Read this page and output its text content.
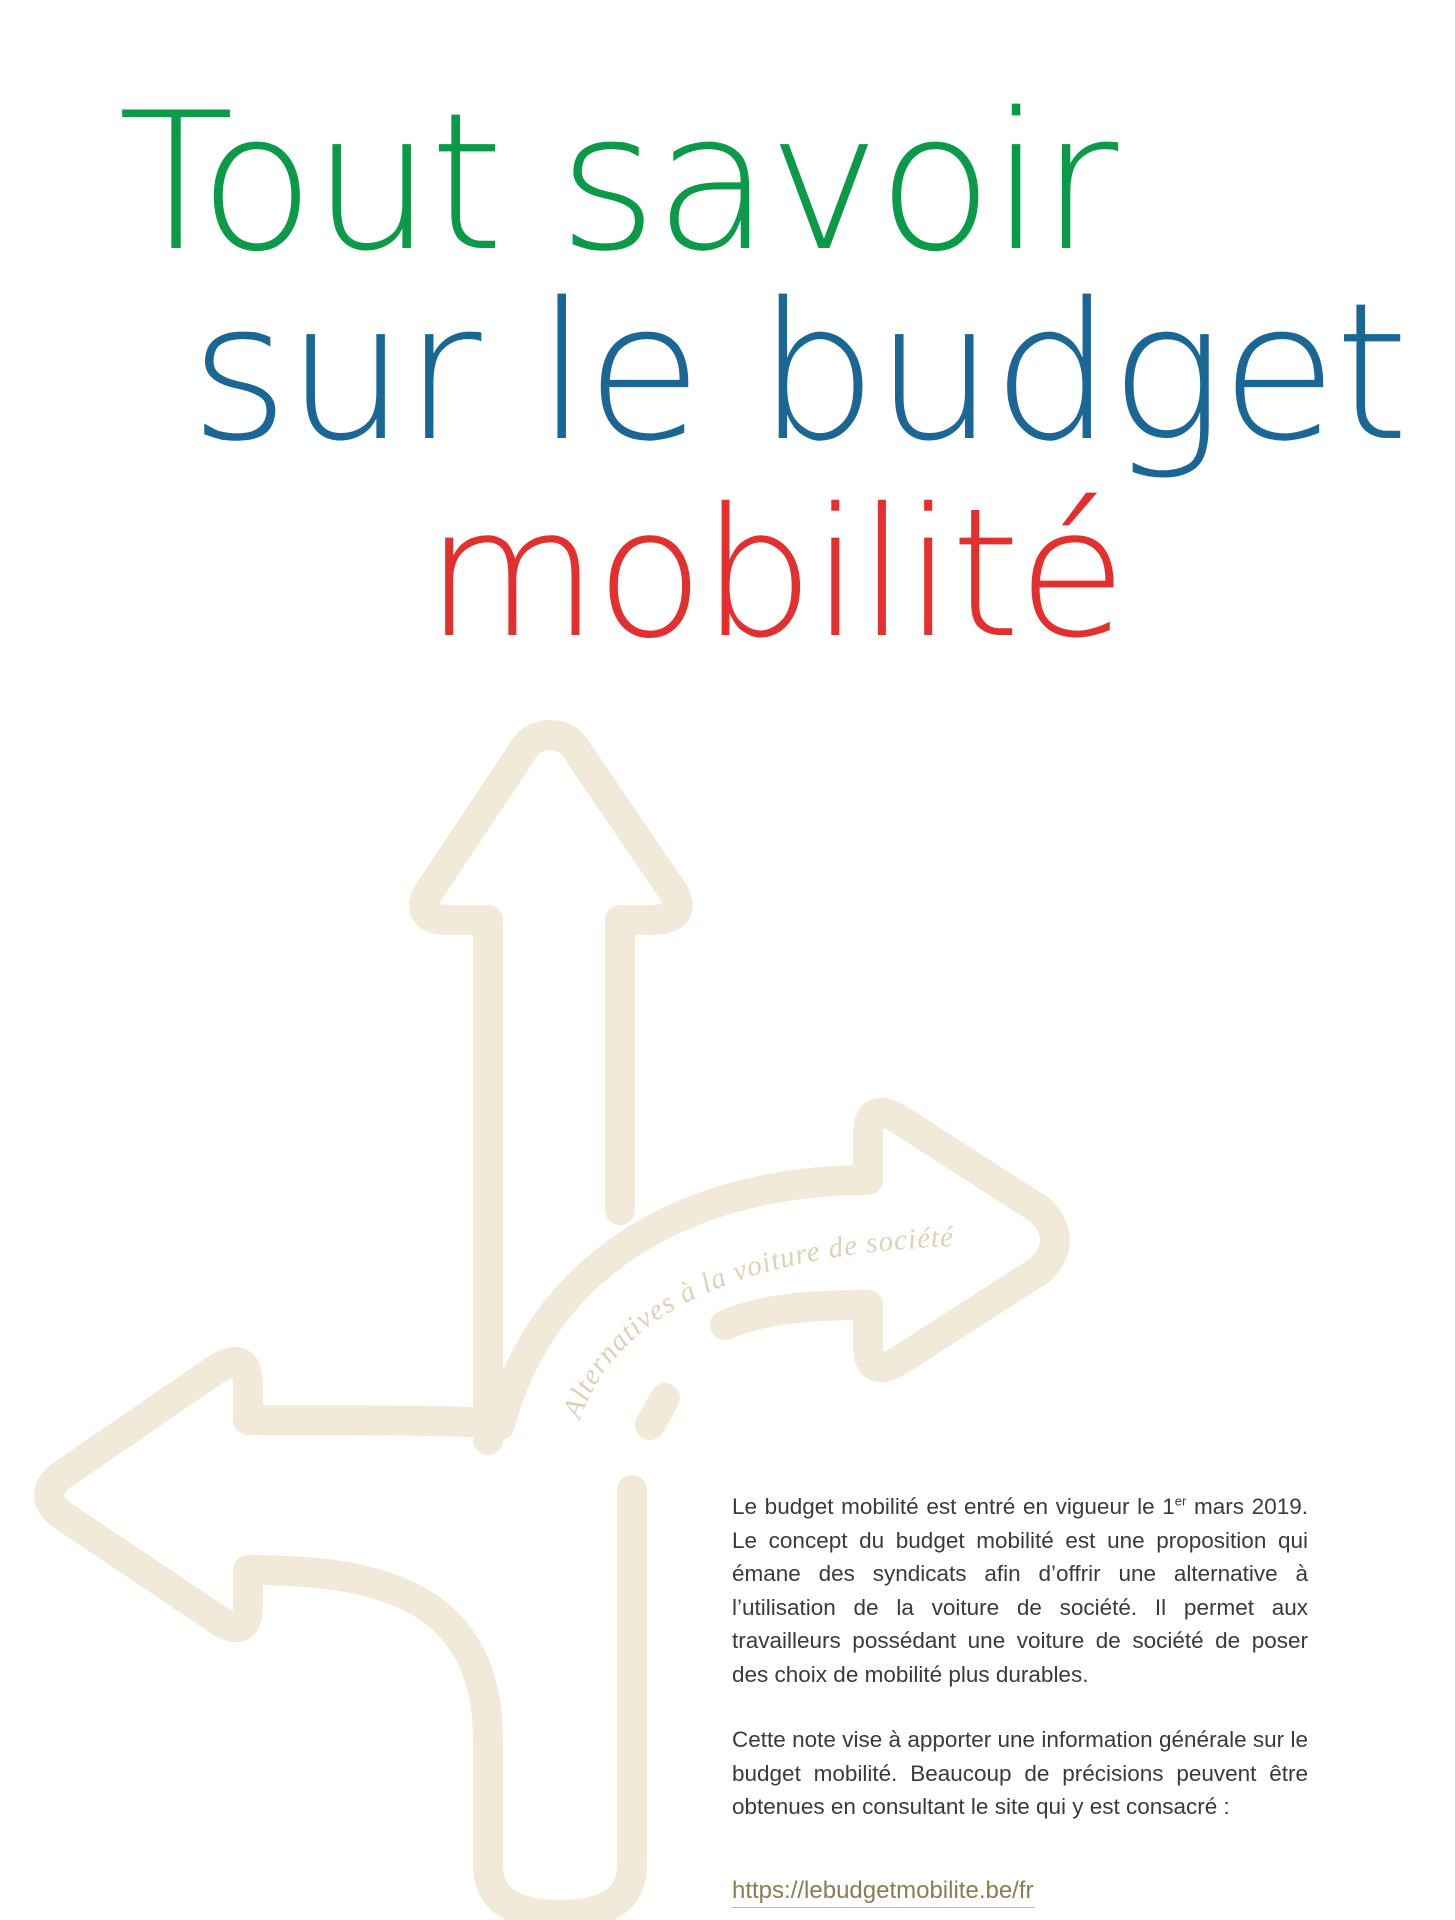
Alternatives à la voiture de société
Tout savoir
sur le budget
mobilité

Le budget mobilité est entré en vigueur le 1er mars 2019. Le concept du budget mobilité est une proposition qui émane des syndicats afin d’offrir une alternative à l’utilisation de la voiture de société. Il permet aux travailleurs possédant une voiture de société de poser des choix de mobilité plus durables.

Cette note vise à apporter une information générale sur le budget mobilité. Beaucoup de précisions peuvent être obtenues en consultant le site qui y est consacré :

https://lebudgetmobilite.be/fr
